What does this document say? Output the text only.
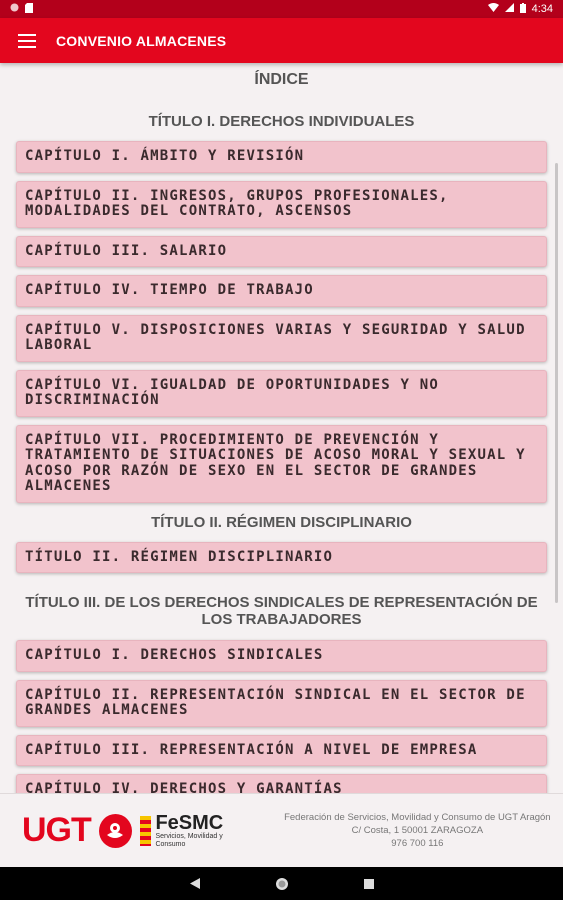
4:34
CONVENIO ALMACENES
ÍNDICE
TÍTULO I. DERECHOS INDIVIDUALES
CAPÍTULO I. ÁMBITO Y REVISIÓN
CAPÍTULO II. INGRESOS, GRUPOS PROFESIONALES, MODALIDADES DEL CONTRATO, ASCENSOS
CAPÍTULO III. SALARIO
CAPÍTULO IV. TIEMPO DE TRABAJO
CAPÍTULO V. DISPOSICIONES VARIAS Y SEGURIDAD Y SALUD LABORAL
CAPÍTULO VI. IGUALDAD DE OPORTUNIDADES Y NO DISCRIMINACIÓN
CAPÍTULO VII. PROCEDIMIENTO DE PREVENCIÓN Y TRATAMIENTO DE SITUACIONES DE ACOSO MORAL Y SEXUAL Y ACOSO POR RAZÓN DE SEXO EN EL SECTOR DE GRANDES ALMACENES
TÍTULO II. RÉGIMEN DISCIPLINARIO
TÍTULO II. RÉGIMEN DISCIPLINARIO
TÍTULO III. DE LOS DERECHOS SINDICALES DE REPRESENTACIÓN DE LOS TRABAJADORES
CAPÍTULO I. DERECHOS SINDICALES
CAPÍTULO II. REPRESENTACIÓN SINDICAL EN EL SECTOR DE GRANDES ALMACENES
CAPÍTULO III. REPRESENTACIÓN A NIVEL DE EMPRESA
CAPÍTULO IV. DERECHOS Y GARANTÍAS
UGT	FeSMC
Servicios, Movilidad y Consumo
Federación de Servicios, Movilidad y Consumo de UGT Aragón
C/ Costa, 1 50001 ZARAGOZA
976 700 116
